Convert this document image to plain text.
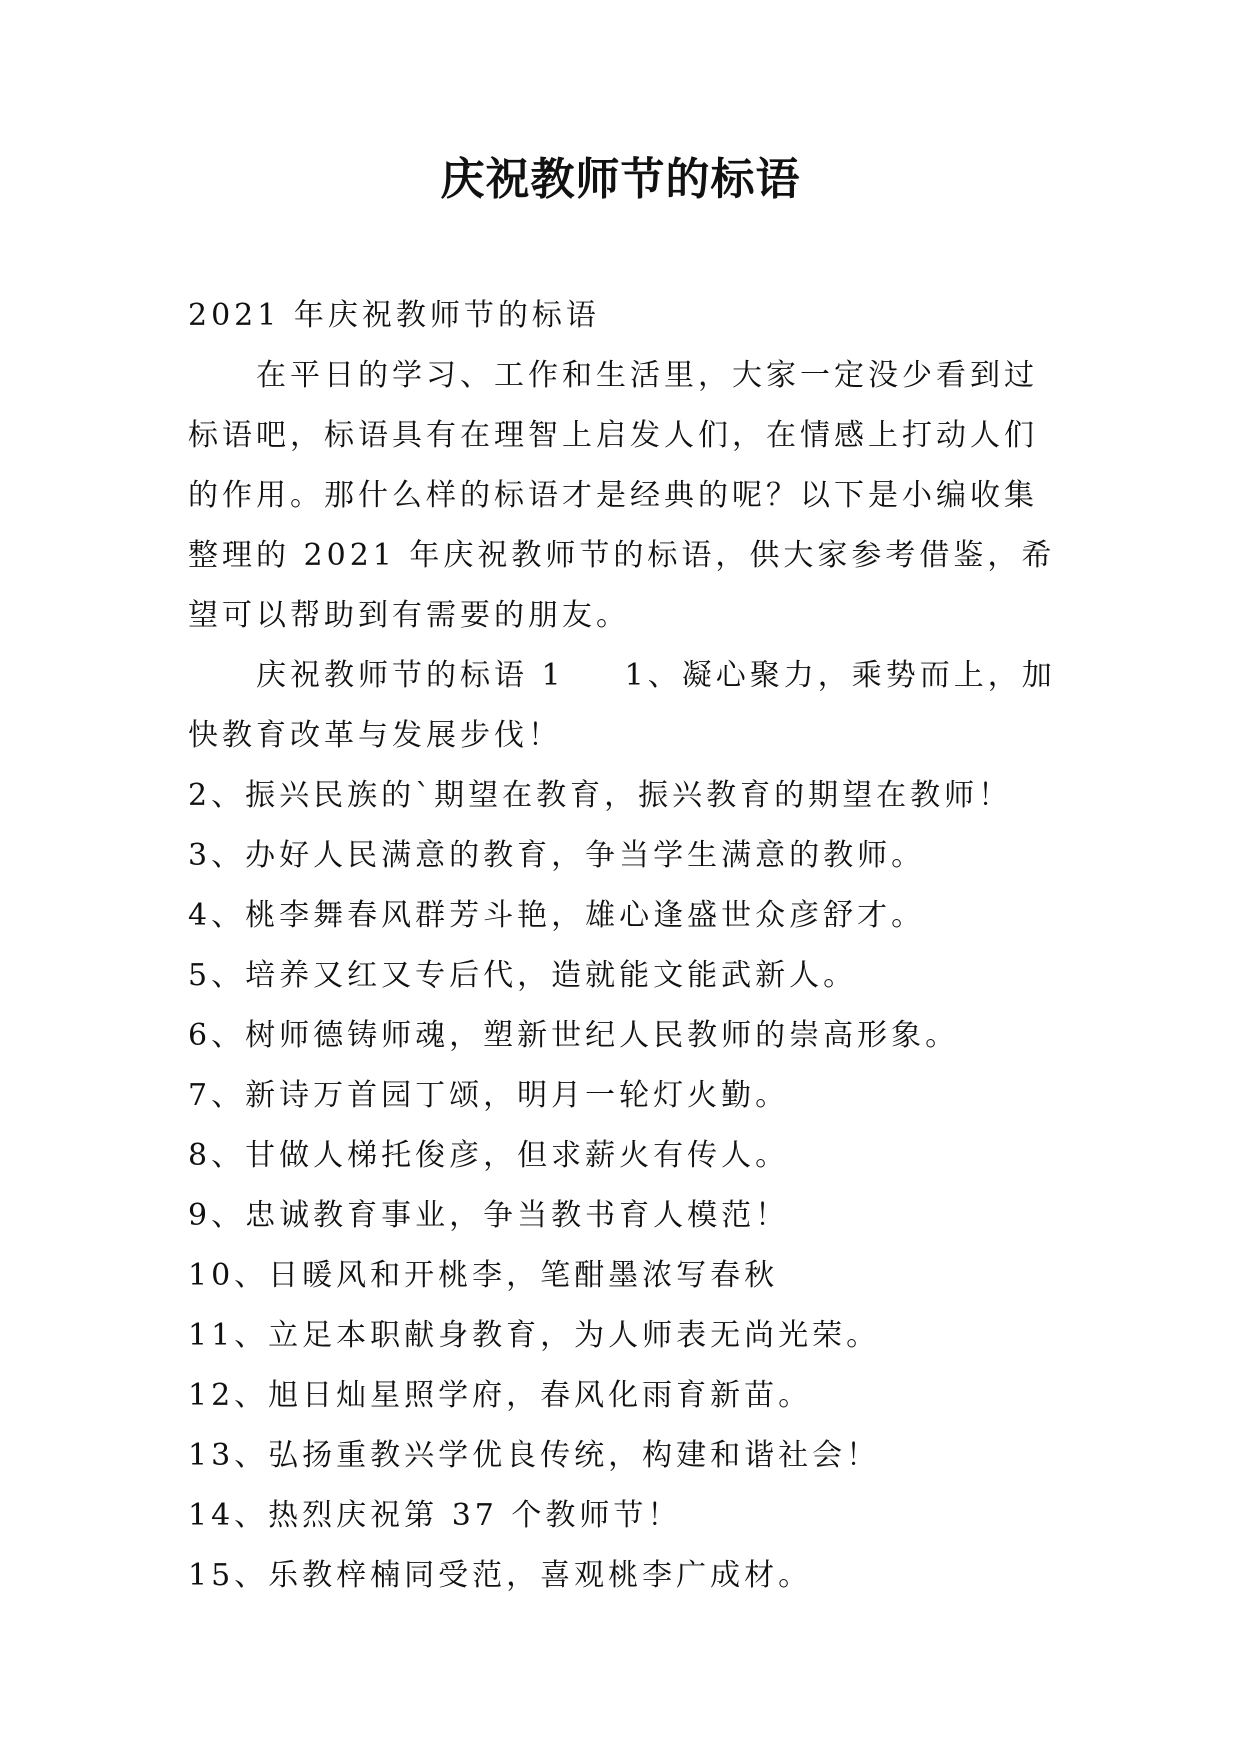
庆祝教师节的标语

2021 年庆祝教师节的标语

在平日的学习、工作和生活里，大家一定没少看到过标语吧，标语具有在理智上启发人们，在情感上打动人们的作用。那什么样的标语才是经典的呢？以下是小编收集整理的 2021 年庆祝教师节的标语，供大家参考借鉴，希望可以帮助到有需要的朋友。

庆祝教师节的标语 1 1、凝心聚力，乘势而上，加快教育改革与发展步伐！

2、振兴民族的`期望在教育，振兴教育的期望在教师！

3、办好人民满意的教育，争当学生满意的教师。

4、桃李舞春风群芳斗艳，雄心逢盛世众彦舒才。

5、培养又红又专后代，造就能文能武新人。

6、树师德铸师魂，塑新世纪人民教师的崇高形象。

7、新诗万首园丁颂，明月一轮灯火勤。

8、甘做人梯托俊彦，但求薪火有传人。

9、忠诚教育事业，争当教书育人模范！

10、日暖风和开桃李，笔酣墨浓写春秋

11、立足本职献身教育，为人师表无尚光荣。

12、旭日灿星照学府，春风化雨育新苗。

13、弘扬重教兴学优良传统，构建和谐社会！

14、热烈庆祝第 37 个教师节！

15、乐教梓楠同受范，喜观桃李广成材。
